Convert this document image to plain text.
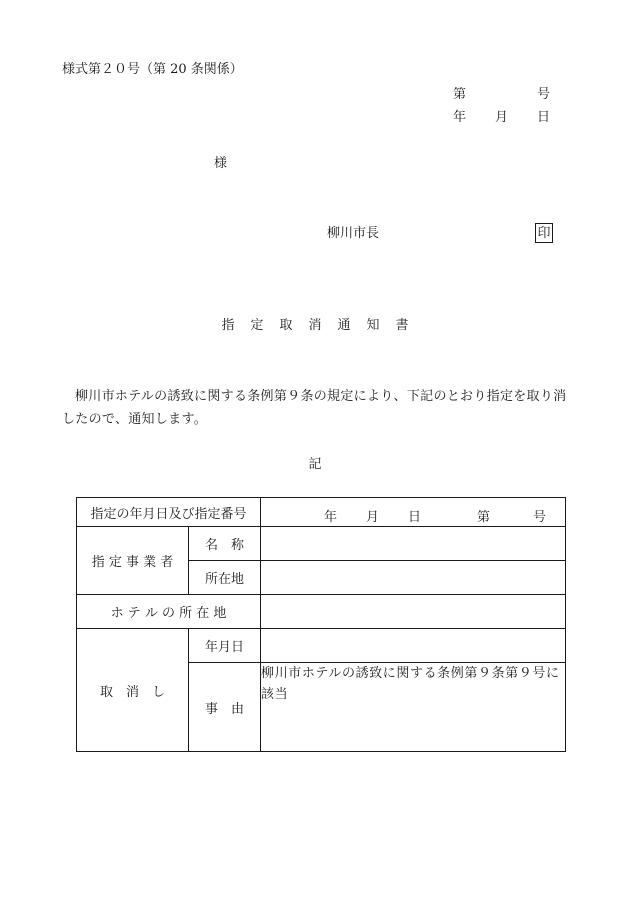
様式第２０号（第 20 条関係）
第	号
年 月 日
様
柳川市長	印
指 定 取 消 通 知 書
柳川市ホテルの誘致に関する条例第９条の規定により、下記のとおり指定を取り消したので、通知します。
記
指定の年月日及び指定番号		年 月 日 第 号

指 定 事 業 者	名　称	
	所在地	
ホ テ ル の 所 在 地		
取　消　し	年月日	
	事　由	柳川市ホテルの誘致に関する条例第９条第９号に該当
